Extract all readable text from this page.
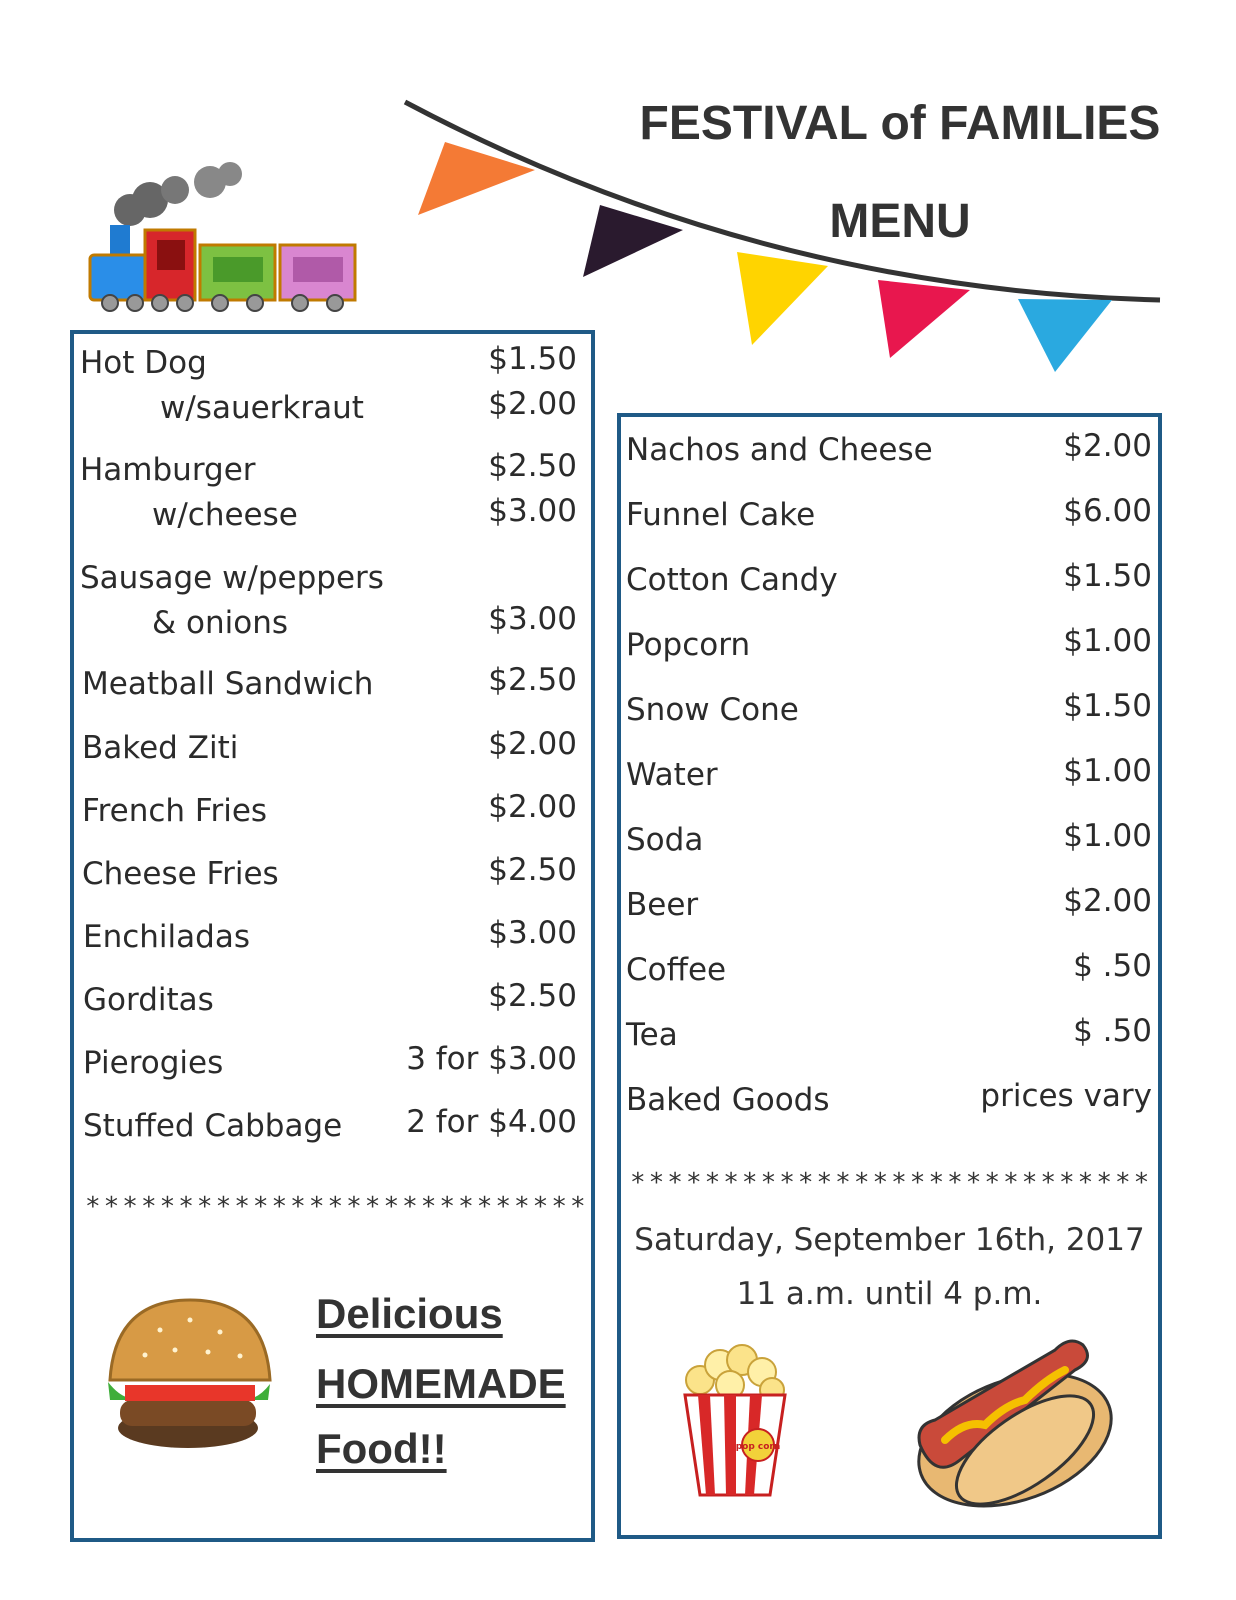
FESTIVAL of FAMILIES
MENU
Hot Dog	$1.50
w/sauerkraut	$2.00
Hamburger	$2.50
w/cheese	$3.00
Sausage w/peppers
& onions	$3.00
Meatball Sandwich	$2.50
Baked Ziti	$2.00
French Fries	$2.00
Cheese Fries	$2.50
Enchiladas	$3.00
Gorditas	$2.50
Pierogies	3 for $3.00
Stuffed Cabbage 2 for $4.00
***************************
Delicious
HOMEMADE
Food!!
Nachos and Cheese	$2.00
Funnel Cake	$6.00
Cotton Candy	$1.50
Popcorn	$1.00
Snow Cone	$1.50
Water	$1.00
Soda	$1.00
Beer	$2.00
Coffee	$ .50
Tea	$ .50
Baked Goods	prices vary
****************************
Saturday, September 16th, 2017
11 a.m. until 4 p.m.
pop corn
